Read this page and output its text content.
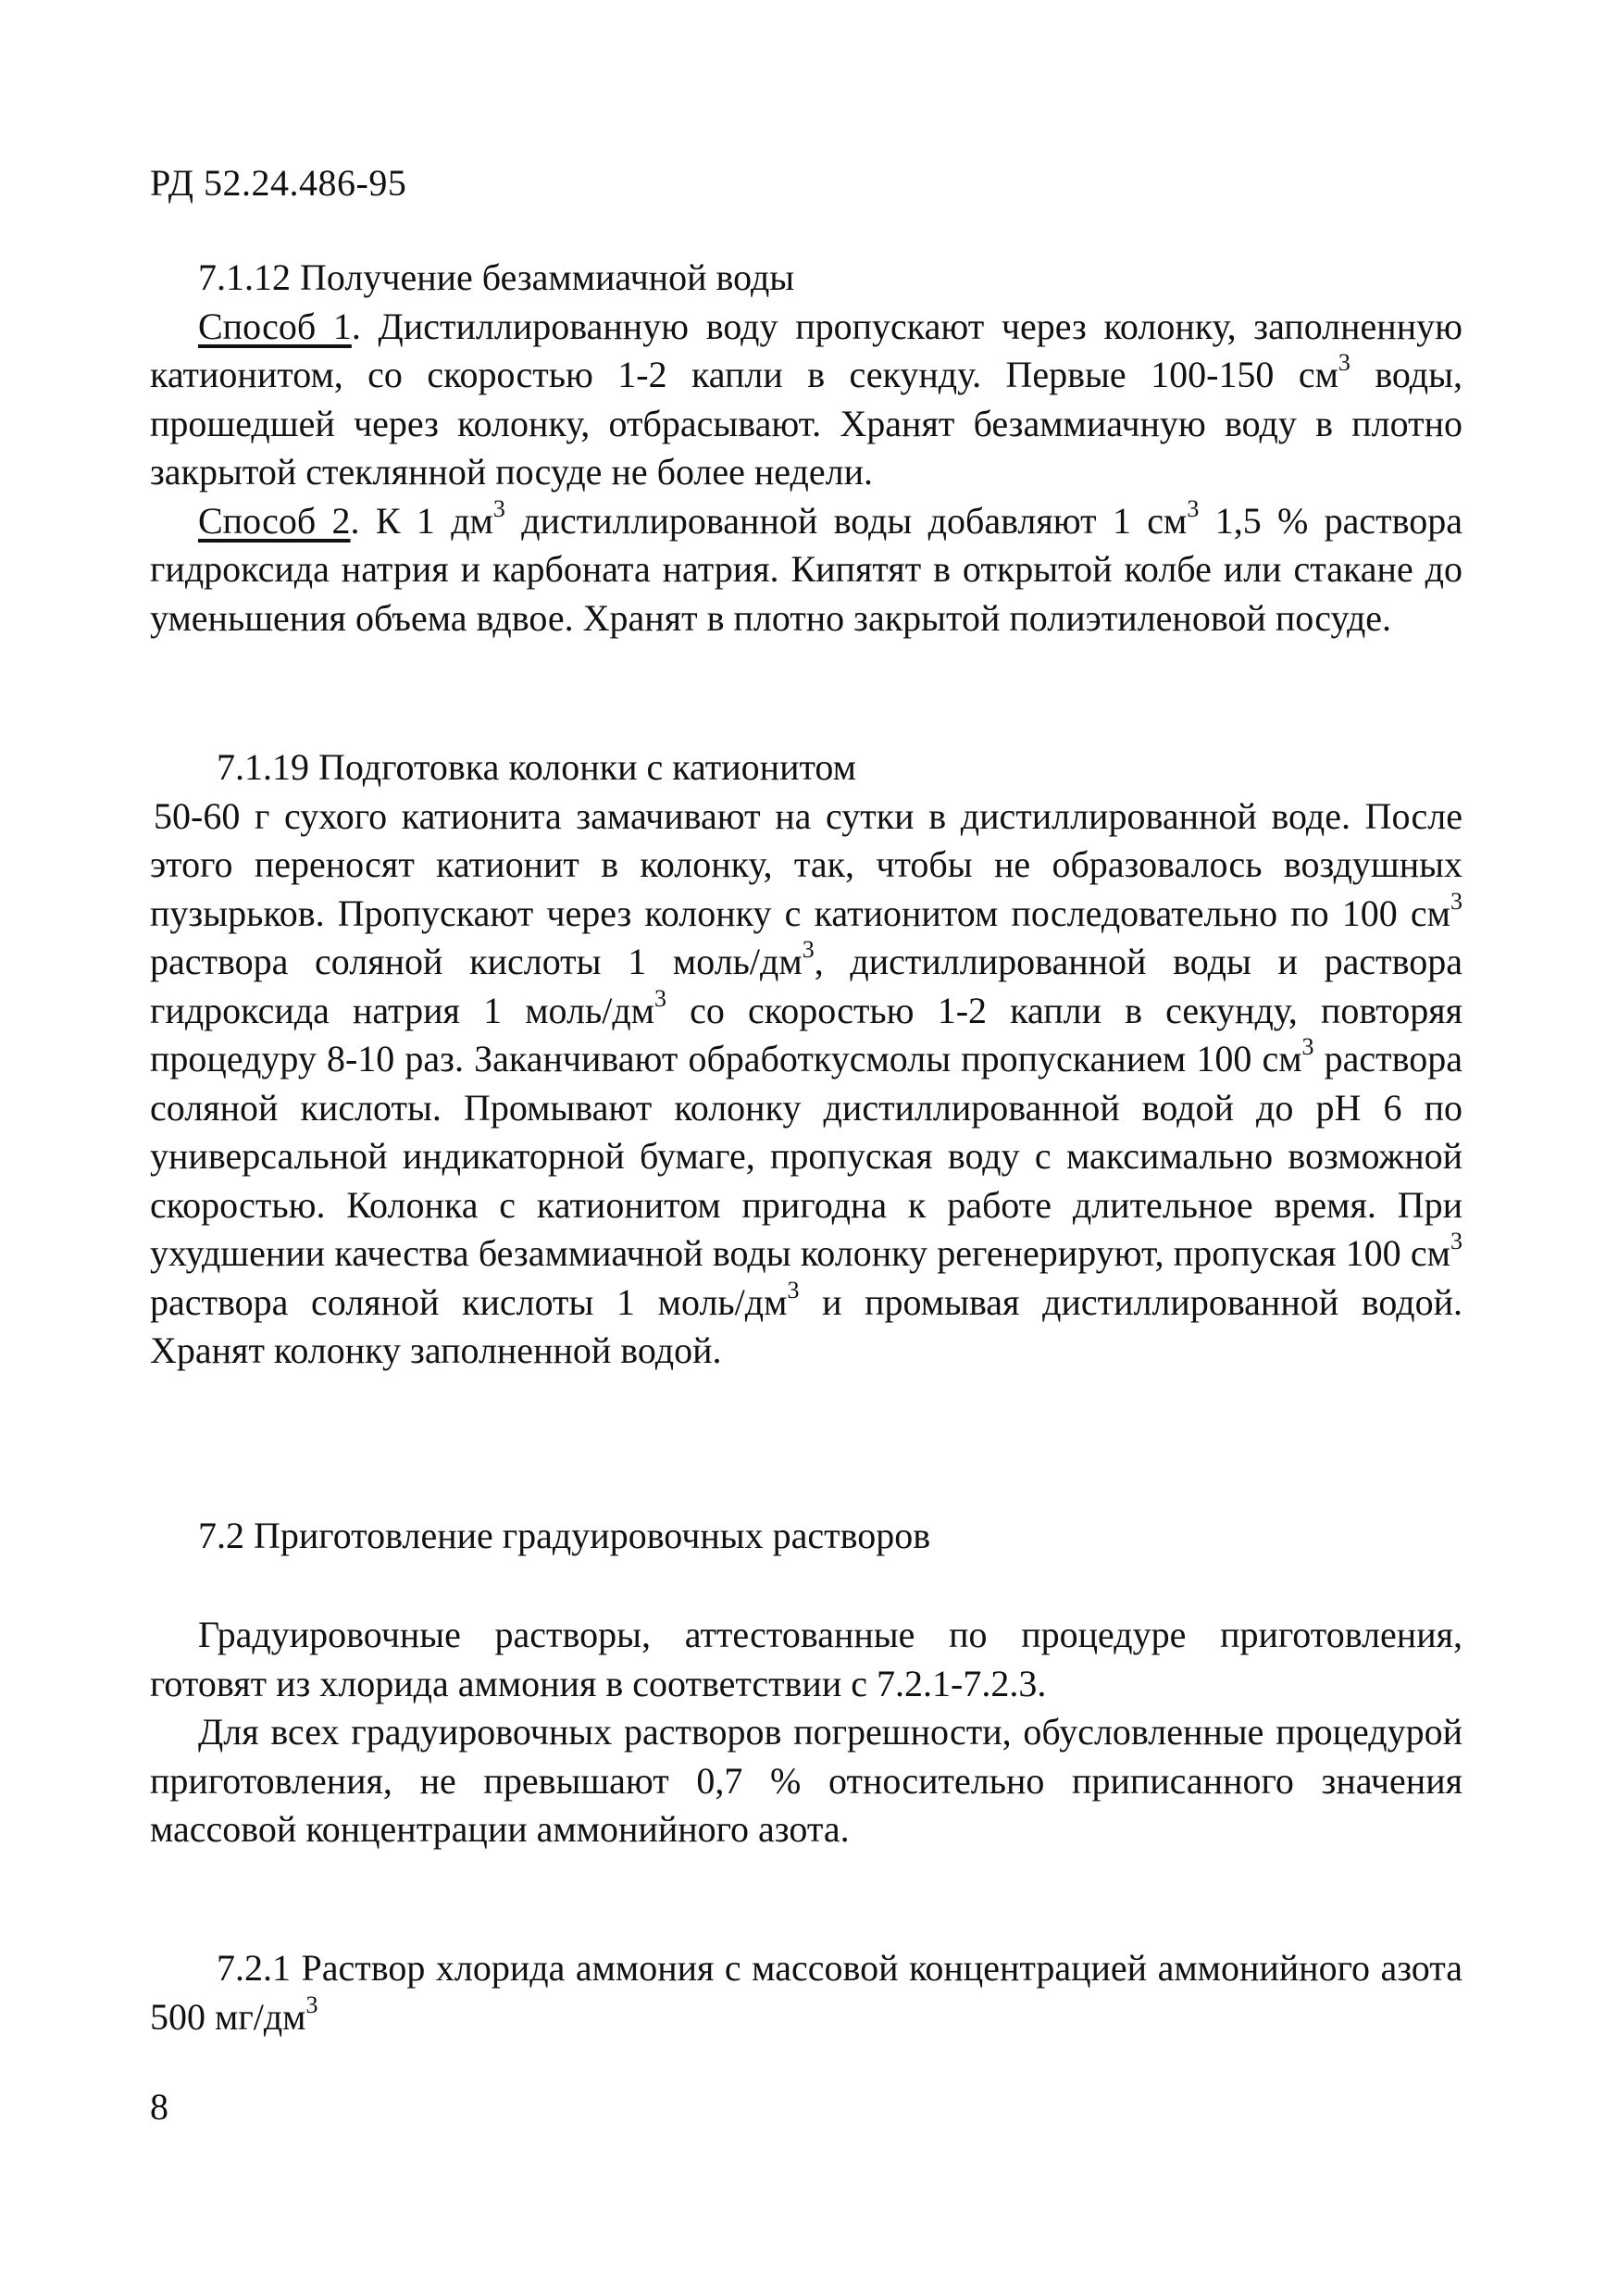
РД 52.24.486-95

7.1.12 Получение безаммиачной воды

Способ 1. Дистиллированную воду пропускают через колонку, заполненную катионитом, со скоростью 1-2 капли в секунду. Первые 100-150 $см^3$ воды, прошедшей через колонку, отбрасывают. Хранят безаммиачную воду в плотно закрытой стеклянной посуде не более недели.

Способ 2. К 1 $дм^3$ дистиллированной воды добавляют 1 $см^3$ 1,5 % раствора гидроксида натрия и карбоната натрия. Кипятят в открытой колбе или стакане до уменьшения объема вдвое. Хранят в плотно закрытой полиэтиленовой посуде.

7.1.19 Подготовка колонки с катионитом

50-60 г сухого катионита замачивают на сутки в дистиллированной воде. После этого переносят катионит в колонку, так, чтобы не образовалось воздушных пузырьков. Пропускают через колонку с катионитом последовательно по 100 $см^3$ раствора соляной кислоты 1 моль/$дм^3$, дистиллированной воды и раствора гидроксида натрия 1 моль/$дм^3$ со скоростью 1-2 капли в секунду, повторяя процедуру 8-10 раз. Заканчивают обработкусмолы пропусканием 100 $см^3$ раствора соляной кислоты. Промывают колонку дистиллированной водой до pH 6 по универсальной индикаторной бумаге, пропуская воду с максимально возможной скоростью. Колонка с катионитом пригодна к работе длительное время. При ухудшении качества безаммиачной воды колонку регенерируют, пропуская 100 $см^3$ раствора соляной кислоты 1 моль/$дм^3$ и промывая дистиллированной водой. Хранят колонку заполненной водой.

7.2 Приготовление градуировочных растворов

Градуировочные растворы, аттестованные по процедуре приготовления, готовят из хлорида аммония в соответствии с 7.2.1-7.2.3.

Для всех градуировочных растворов погрешности, обусловленные процедурой приготовления, не превышают 0,7 % относительно приписанного значения массовой концентрации аммонийного азота.

7.2.1 Раствор хлорида аммония с массовой концентрацией аммонийного азота 500 $мг/дм^3$

8
